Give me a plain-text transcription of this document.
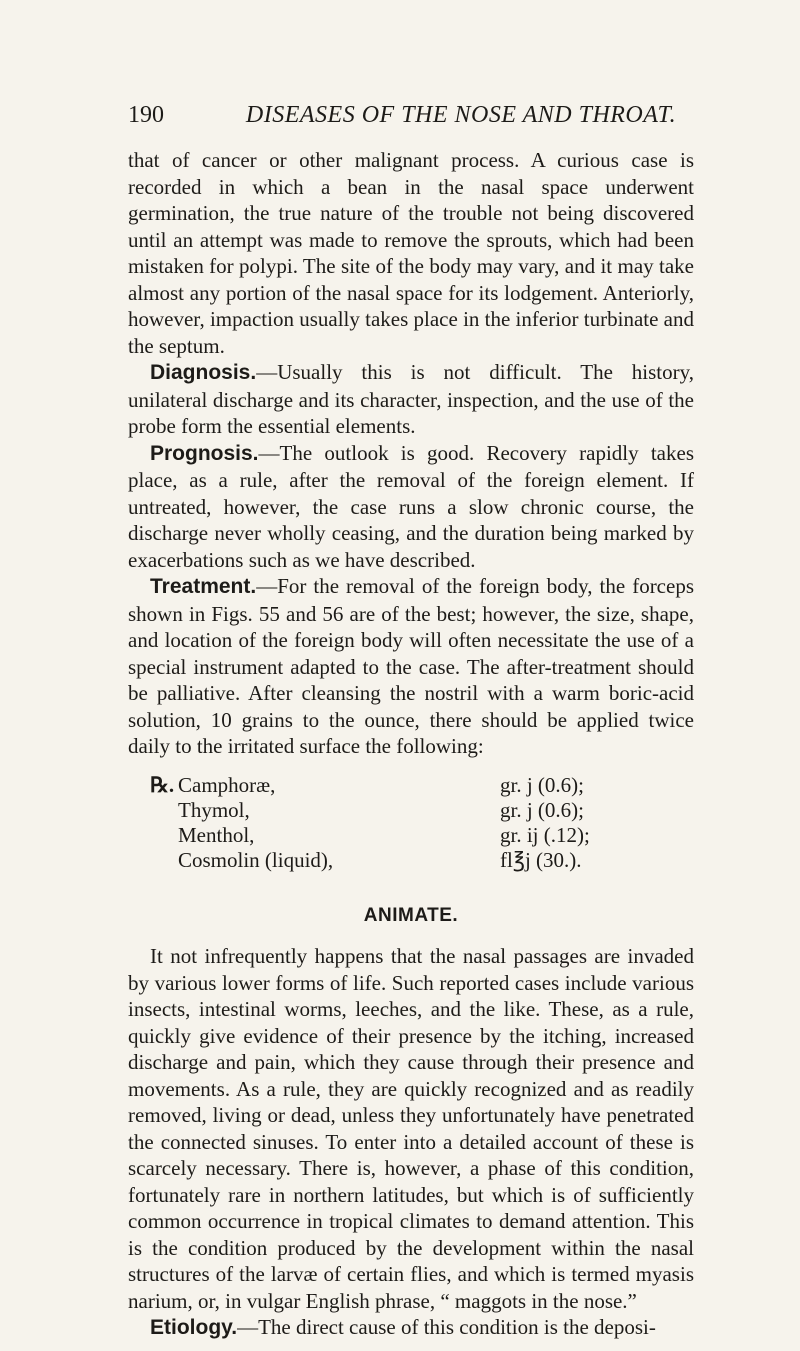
190	DISEASES OF THE NOSE AND THROAT.

that of cancer or other malignant process. A curious case is recorded in which a bean in the nasal space underwent germination, the true nature of the trouble not being discovered until an attempt was made to remove the sprouts, which had been mistaken for polypi. The site of the body may vary, and it may take almost any portion of the nasal space for its lodgement. Anteriorly, however, impaction usually takes place in the inferior turbinate and the septum.

Diagnosis.—Usually this is not difficult. The history, unilateral discharge and its character, inspection, and the use of the probe form the essential elements.

Prognosis.—The outlook is good. Recovery rapidly takes place, as a rule, after the removal of the foreign element. If untreated, however, the case runs a slow chronic course, the discharge never wholly ceasing, and the duration being marked by exacerbations such as we have described.

Treatment.—For the removal of the foreign body, the forceps shown in Figs. 55 and 56 are of the best; however, the size, shape, and location of the foreign body will often necessitate the use of a special instrument adapted to the case. The after-treatment should be palliative. After cleansing the nostril with a warm boric-acid solution, 10 grains to the ounce, there should be applied twice daily to the irritated surface the following:

℞. Camphoræ,	gr. j (0.6);
Thymol,	gr. j (0.6);
Menthol,	gr. ij (.12);
Cosmolin (liquid),	fl℥j (30.).
ANIMATE.

It not infrequently happens that the nasal passages are invaded by various lower forms of life. Such reported cases include various insects, intestinal worms, leeches, and the like. These, as a rule, quickly give evidence of their presence by the itching, increased discharge and pain, which they cause through their presence and movements. As a rule, they are quickly recognized and as readily removed, living or dead, unless they unfortunately have penetrated the connected sinuses. To enter into a detailed account of these is scarcely necessary. There is, however, a phase of this condition, fortunately rare in northern latitudes, but which is of sufficiently common occurrence in tropical climates to demand attention. This is the condition produced by the development within the nasal structures of the larvæ of certain flies, and which is termed myasis narium, or, in vulgar English phrase, “ maggots in the nose.”

Etiology.—The direct cause of this condition is the deposi-
